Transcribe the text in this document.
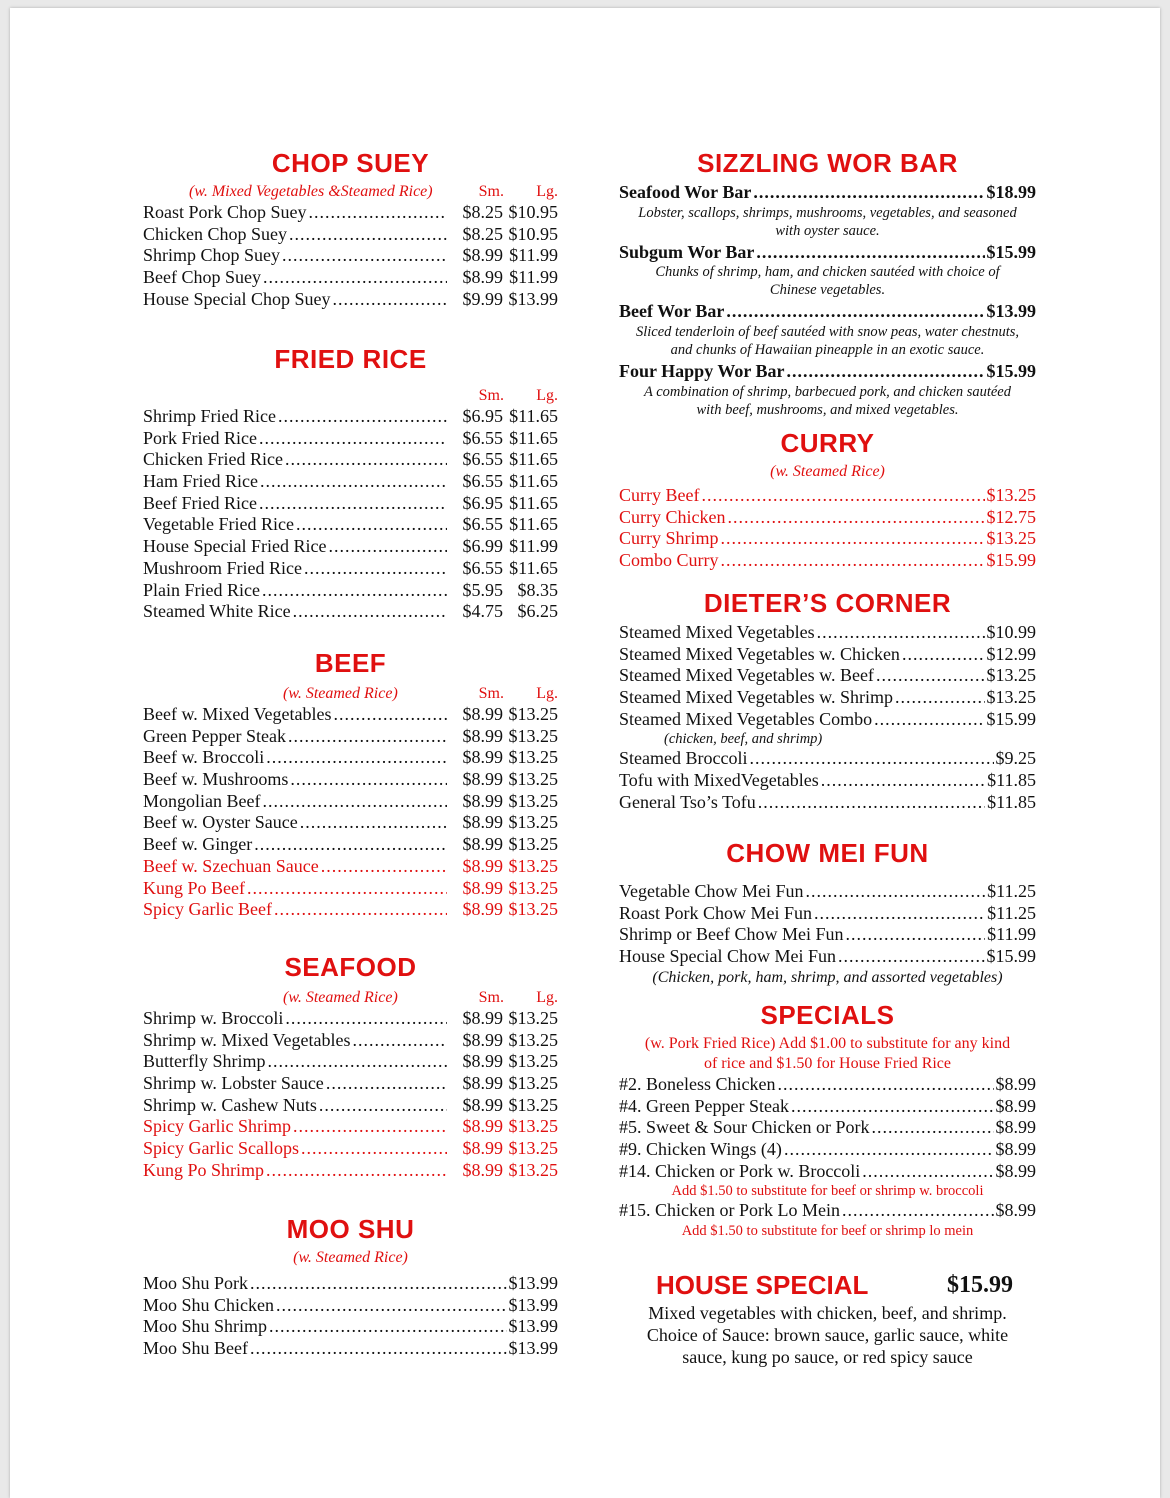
CHOP SUEY
(w. Mixed Vegetables &Steamed Rice)	Sm. Lg.
Roast Pork Chop Suey .....	$8.25 $10.95
Chicken Chop Suey .....	$8.25 $10.95
Shrimp Chop Suey .....	$8.99 $11.99
Beef Chop Suey .....	$8.99 $11.99
House Special Chop Suey .....	$9.99 $13.99
FRIED RICE
Sm. Lg.
Shrimp Fried Rice .....	$6.95 $11.65
Pork Fried Rice .....	$6.55 $11.65
Chicken Fried Rice .....	$6.55 $11.65
Ham Fried Rice .....	$6.55 $11.65
Beef Fried Rice .....	$6.95 $11.65
Vegetable Fried Rice .....	$6.55 $11.65
House Special Fried Rice .....	$6.99 $11.99
Mushroom Fried Rice .....	$6.55 $11.65
Plain Fried Rice .....	$5.95 $8.35
Steamed White Rice .....	$4.75 $6.25
BEEF
(w. Steamed Rice)	Sm. Lg.
Beef w. Mixed Vegetables .....	$8.99 $13.25
Green Pepper Steak .....	$8.99 $13.25
Beef w. Broccoli .....	$8.99 $13.25
Beef w. Mushrooms .....	$8.99 $13.25
Mongolian Beef .....	$8.99 $13.25
Beef w. Oyster Sauce .....	$8.99 $13.25
Beef w. Ginger .....	$8.99 $13.25
Beef w. Szechuan Sauce .....	$8.99 $13.25
Kung Po Beef .....	$8.99 $13.25
Spicy Garlic Beef .....	$8.99 $13.25
SEAFOOD
(w. Steamed Rice)	Sm. Lg.
Shrimp w. Broccoli .....	$8.99 $13.25
Shrimp w. Mixed Vegetables .....	$8.99 $13.25
Butterfly Shrimp .....	$8.99 $13.25
Shrimp w. Lobster Sauce .....	$8.99 $13.25
Shrimp w. Cashew Nuts .....	$8.99 $13.25
Spicy Garlic Shrimp .....	$8.99 $13.25
Spicy Garlic Scallops .....	$8.99 $13.25
Kung Po Shrimp .....	$8.99 $13.25
MOO SHU
(w. Steamed Rice)
Moo Shu Pork .....	$13.99
Moo Shu Chicken .....	$13.99
Moo Shu Shrimp .....	$13.99
Moo Shu Beef .....	$13.99
SIZZLING WOR BAR
Seafood Wor Bar .....	$18.99
Lobster, scallops, shrimps, mushrooms, vegetables, and seasoned
with oyster sauce.
Subgum Wor Bar .....	$15.99
Chunks of shrimp, ham, and chicken sautéed with choice of
Chinese vegetables.
Beef Wor Bar .....	$13.99
Sliced tenderloin of beef sautéed with snow peas, water chestnuts,
and chunks of Hawaiian pineapple in an exotic sauce.
Four Happy Wor Bar .....	$15.99
A combination of shrimp, barbecued pork, and chicken sautéed
with beef, mushrooms, and mixed vegetables.
CURRY
(w. Steamed Rice)
Curry Beef .....	$13.25
Curry Chicken .....	$12.75
Curry Shrimp .....	$13.25
Combo Curry .....	$15.99
DIETER’S CORNER
Steamed Mixed Vegetables .....	$10.99
Steamed Mixed Vegetables w. Chicken .....	$12.99
Steamed Mixed Vegetables w. Beef .....	$13.25
Steamed Mixed Vegetables w. Shrimp .....	$13.25
Steamed Mixed Vegetables Combo .....	$15.99
(chicken, beef, and shrimp)
Steamed Broccoli .....	$9.25
Tofu with MixedVegetables .....	$11.85
General Tso’s Tofu .....	$11.85
CHOW MEI FUN
Vegetable Chow Mei Fun .....	$11.25
Roast Pork Chow Mei Fun .....	$11.25
Shrimp or Beef Chow Mei Fun .....	$11.99
House Special Chow Mei Fun .....	$15.99
(Chicken, pork, ham, shrimp, and assorted vegetables)
SPECIALS
(w. Pork Fried Rice) Add $1.00 to substitute for any kind
of rice and $1.50 for House Fried Rice
#2. Boneless Chicken .....	$8.99
#4. Green Pepper Steak .....	$8.99
#5. Sweet & Sour Chicken or Pork .....	$8.99
#9. Chicken Wings (4) .....	$8.99
#14. Chicken or Pork w. Broccoli .....	$8.99
Add $1.50 to substitute for beef or shrimp w. broccoli
#15. Chicken or Pork Lo Mein .....	$8.99
Add $1.50 to substitute for beef or shrimp lo mein
HOUSE SPECIAL	$15.99
Mixed vegetables with chicken, beef, and shrimp.
Choice of Sauce: brown sauce, garlic sauce, white
sauce, kung po sauce, or red spicy sauce
